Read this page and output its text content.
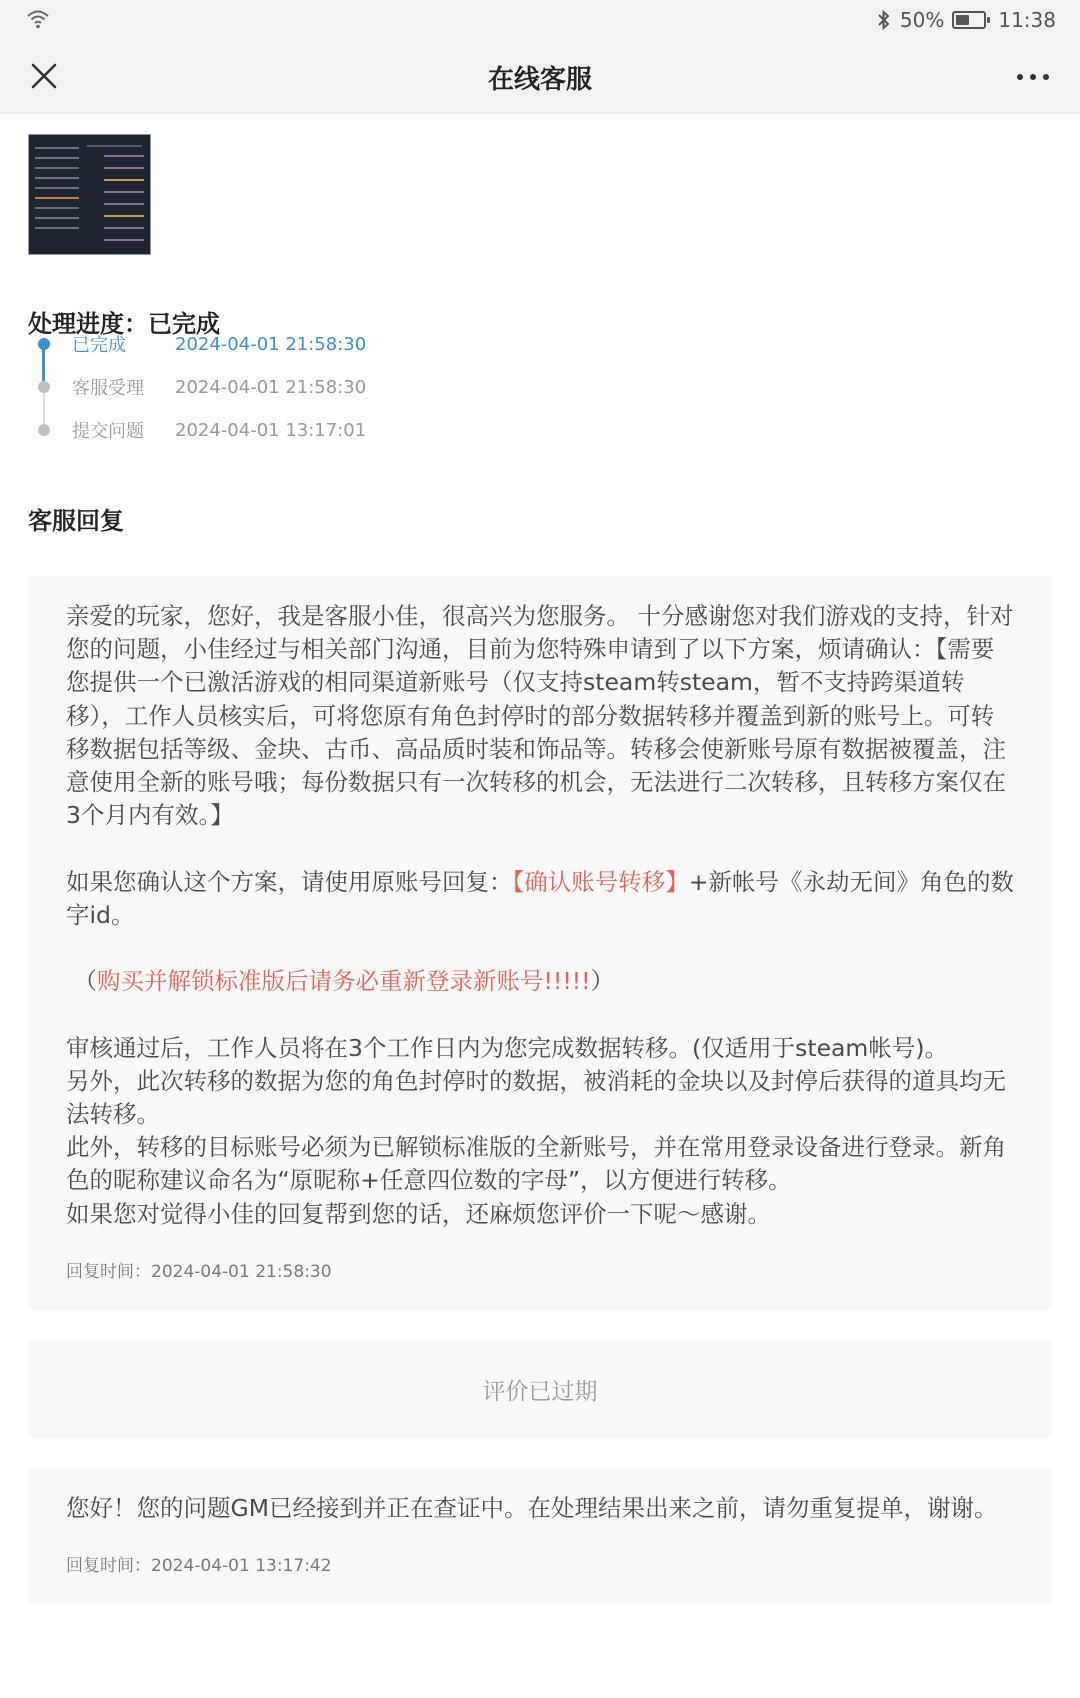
50%	11:38
在线客服
处理进度：已完成
已完成	2024-04-01 21:58:30
客服受理	2024-04-01 21:58:30
提交问题	2024-04-01 13:17:01
客服回复
亲爱的玩家，您好，我是客服小佳，很高兴为您服务。 十分感谢您对我们游戏的支持，针对您的问题，小佳经过与相关部门沟通，目前为您特殊申请到了以下方案，烦请确认：【需要您提供一个已激活游戏的相同渠道新账号（仅支持steam转steam，暂不支持跨渠道转移），工作人员核实后，可将您原有角色封停时的部分数据转移并覆盖到新的账号上。可转移数据包括等级、金块、古币、高品质时装和饰品等。转移会使新账号原有数据被覆盖，注意使用全新的账号哦；每份数据只有一次转移的机会，无法进行二次转移，且转移方案仅在3个月内有效。】

如果您确认这个方案，请使用原账号回复：【确认账号转移】+新帐号《永劫无间》角色的数字id。

（购买并解锁标准版后请务必重新登录新账号!!!!!）

审核通过后，工作人员将在3个工作日内为您完成数据转移。(仅适用于steam帐号)。
另外，此次转移的数据为您的角色封停时的数据，被消耗的金块以及封停后获得的道具均无法转移。
此外，转移的目标账号必须为已解锁标准版的全新账号，并在常用登录设备进行登录。新角色的昵称建议命名为“原昵称+任意四位数的字母”，以方便进行转移。
如果您对觉得小佳的回复帮到您的话，还麻烦您评价一下呢～感谢。
回复时间：2024-04-01 21:58:30
评价已过期
您好！您的问题GM已经接到并正在查证中。在处理结果出来之前，请勿重复提单，谢谢。
回复时间：2024-04-01 13:17:42
